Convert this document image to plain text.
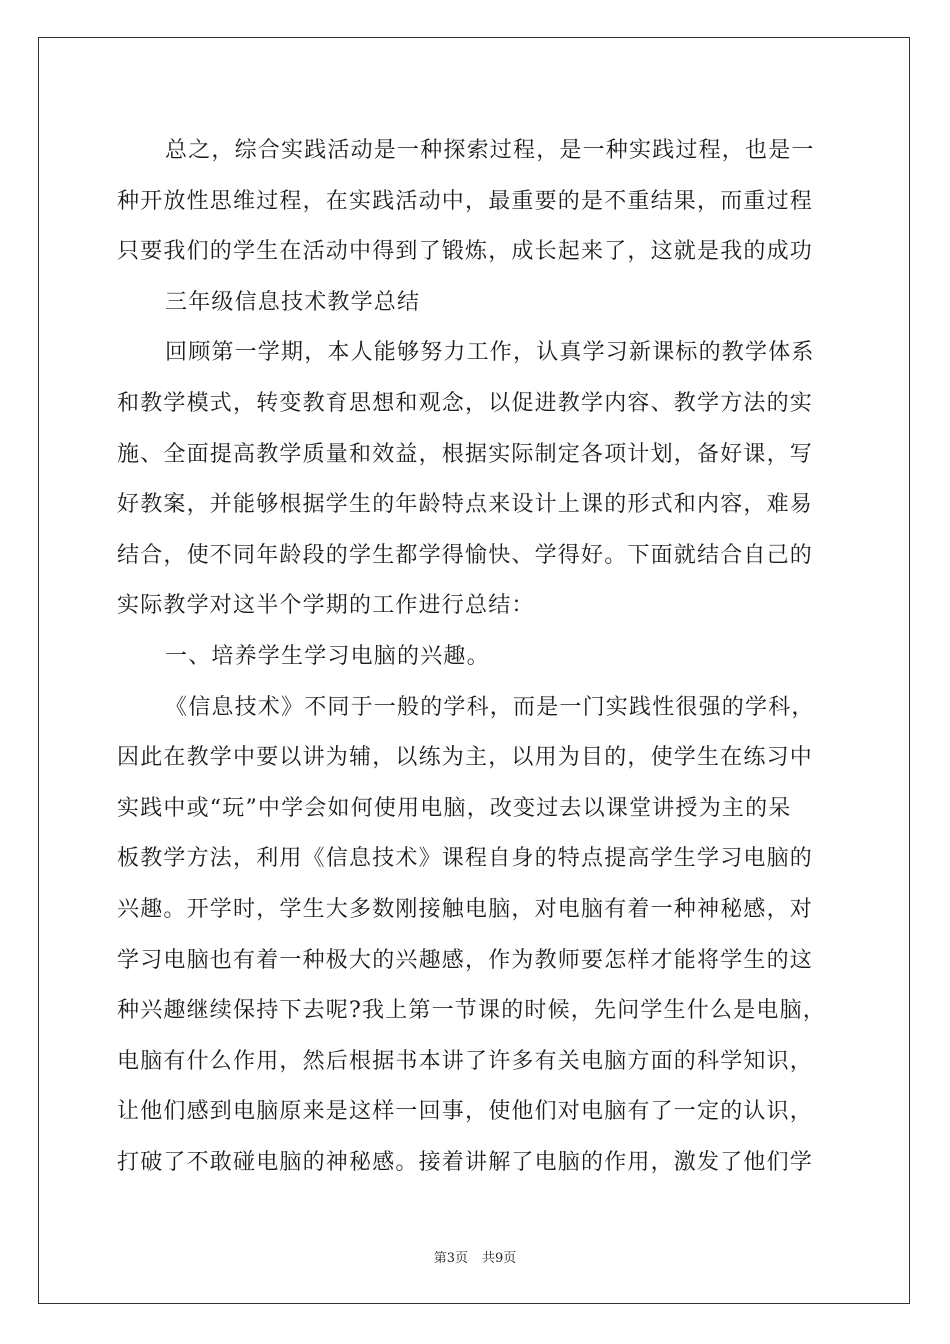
总之，综合实践活动是一种探索过程，是一种实践过程，也是一
种开放性思维过程，在实践活动中，最重要的是不重结果，而重过程
只要我们的学生在活动中得到了锻炼，成长起来了，这就是我的成功
三年级信息技术教学总结
回顾第一学期，本人能够努力工作，认真学习新课标的教学体系
和教学模式，转变教育思想和观念，以促进教学内容、教学方法的实
施、全面提高教学质量和效益，根据实际制定各项计划，备好课，写
好教案，并能够根据学生的年龄特点来设计上课的形式和内容，难易
结合，使不同年龄段的学生都学得愉快、学得好。下面就结合自己的
实际教学对这半个学期的工作进行总结：
一、培养学生学习电脑的兴趣。
《信息技术》不同于一般的学科，而是一门实践性很强的学科，
因此在教学中要以讲为辅，以练为主，以用为目的，使学生在练习中
实践中或“玩”中学会如何使用电脑，改变过去以课堂讲授为主的呆
板教学方法，利用《信息技术》课程自身的特点提高学生学习电脑的
兴趣。开学时，学生大多数刚接触电脑，对电脑有着一种神秘感，对
学习电脑也有着一种极大的兴趣感，作为教师要怎样才能将学生的这
种兴趣继续保持下去呢?我上第一节课的时候，先问学生什么是电脑，
电脑有什么作用，然后根据书本讲了许多有关电脑方面的科学知识，
让他们感到电脑原来是这样一回事，使他们对电脑有了一定的认识，
打破了不敢碰电脑的神秘感。接着讲解了电脑的作用，激发了他们学
第3页 共9页
